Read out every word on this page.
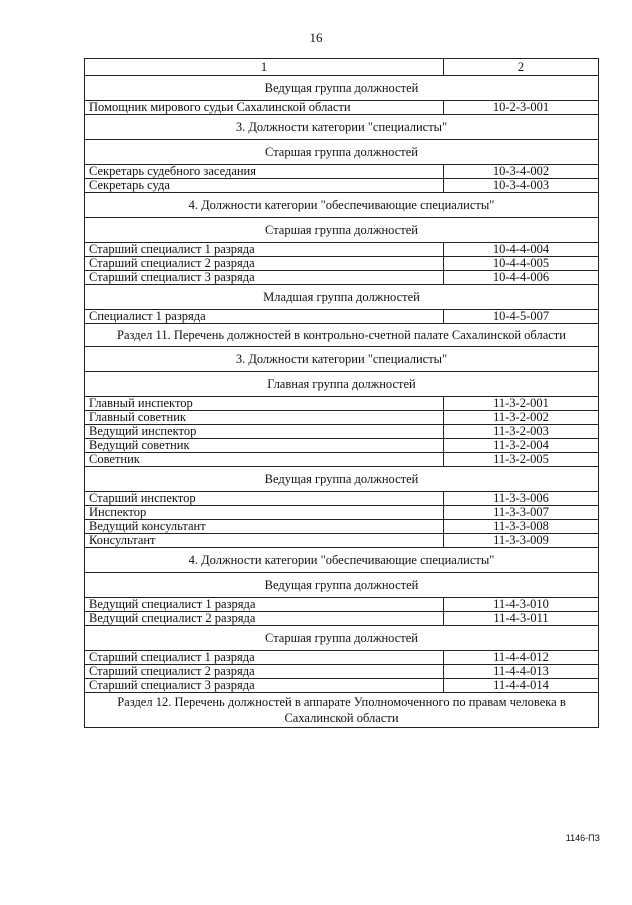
16
1	2
Ведущая группа должностей	
Помощник мирового судьи Сахалинской области	10-2-3-001
3. Должности категории "специалисты"	
Старшая группа должностей	
Секретарь судебного заседания	10-3-4-002
Секретарь суда	10-3-4-003
4. Должности категории "обеспечивающие специалисты"	
Старшая группа должностей	
Старший специалист 1 разряда	10-4-4-004
Старший специалист 2 разряда	10-4-4-005
Старший специалист 3 разряда	10-4-4-006
Младшая группа должностей	
Специалист 1 разряда	10-4-5-007
Раздел 11. Перечень должностей в контрольно-счетной палате Сахалинской области	
3. Должности категории "специалисты"	
Главная группа должностей	
Главный инспектор	11-3-2-001
Главный советник	11-3-2-002
Ведущий инспектор	11-3-2-003
Ведущий советник	11-3-2-004
Советник	11-3-2-005
Ведущая группа должностей	
Старший инспектор	11-3-3-006
Инспектор	11-3-3-007
Ведущий консультант	11-3-3-008
Консультант	11-3-3-009
4. Должности категории "обеспечивающие специалисты"	
Ведущая группа должностей	
Ведущий специалист 1 разряда	11-4-3-010
Ведущий специалист 2 разряда	11-4-3-011
Старшая группа должностей	
Старший специалист 1 разряда	11-4-4-012
Старший специалист 2 разряда	11-4-4-013
Старший специалист 3 разряда	11-4-4-014
Раздел 12. Перечень должностей в аппарате Уполномоченного по правам человека в
Сахалинской области	
1146-ПЗ
